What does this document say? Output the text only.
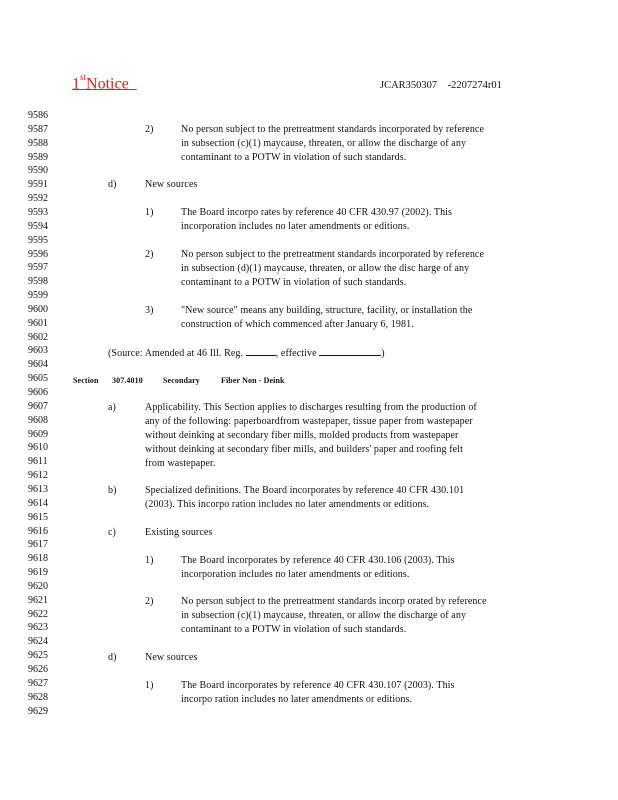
1stNotice	JCAR350307    -2207274r01
9586
9587
9588
9589
9590
9591
9592
9593
9594
9595
9596
9597
9598
9599
9600
9601
9602
9603
9604
9605
9606
9607
9608
9609
9610
9611
9612
9613
9614
9615
9616
9617
9618
9619
9620
9621
9622
9623
9624
9625
9626
9627
9628
9629
2)	No person subject to the pretreatment standards incorporated by reference
in subsection (c)(1) maycause, threaten, or allow the discharge of any
contaminant to a POTW in violation of such standards.
d)	New sources
1)	The Board incorpo rates by reference 40 CFR 430.97 (2002). This
incorporation includes no later amendments or editions.
2)	No person subject to the pretreatment standards incorporated by reference
in subsection (d)(1) maycause, threaten, or allow the disc harge of any
contaminant to a POTW in violation of such standards.
3)	"New source" means any building, structure, facility, or installation the
construction of which commenced after January 6, 1981.
(Source: Amended at 46 Ill. Reg.	, effective	)
Section 307.4010	Secondary	Fiber Non - Deink
a)	Applicability. This Section applies to discharges resulting from the production of
any of the following: paperboardfrom wastepaper, tissue paper from wastepaper
without deinking at secondary fiber mills, molded products from wastepaper
without deinking at secondary fiber mills, and builders' paper and roofing felt
from wastepaper.
b)	Specialized definitions. The Board incorporates by reference 40 CFR 430.101
(2003). This incorpo ration includes no later amendments or editions.
c)	Existing sources
1)	The Board incorporates by reference 40 CFR 430.106 (2003). This
incorporation includes no later amendments or editions.
2)	No person subject to the pretreatment standards incorp orated by reference
in subsection (c)(1) maycause, threaten, or allow the discharge of any
contaminant to a POTW in violation of such standards.
d)	New sources
1)	The Board incorporates by reference 40 CFR 430.107 (2003). This
incorpo ration includes no later amendments or editions.
